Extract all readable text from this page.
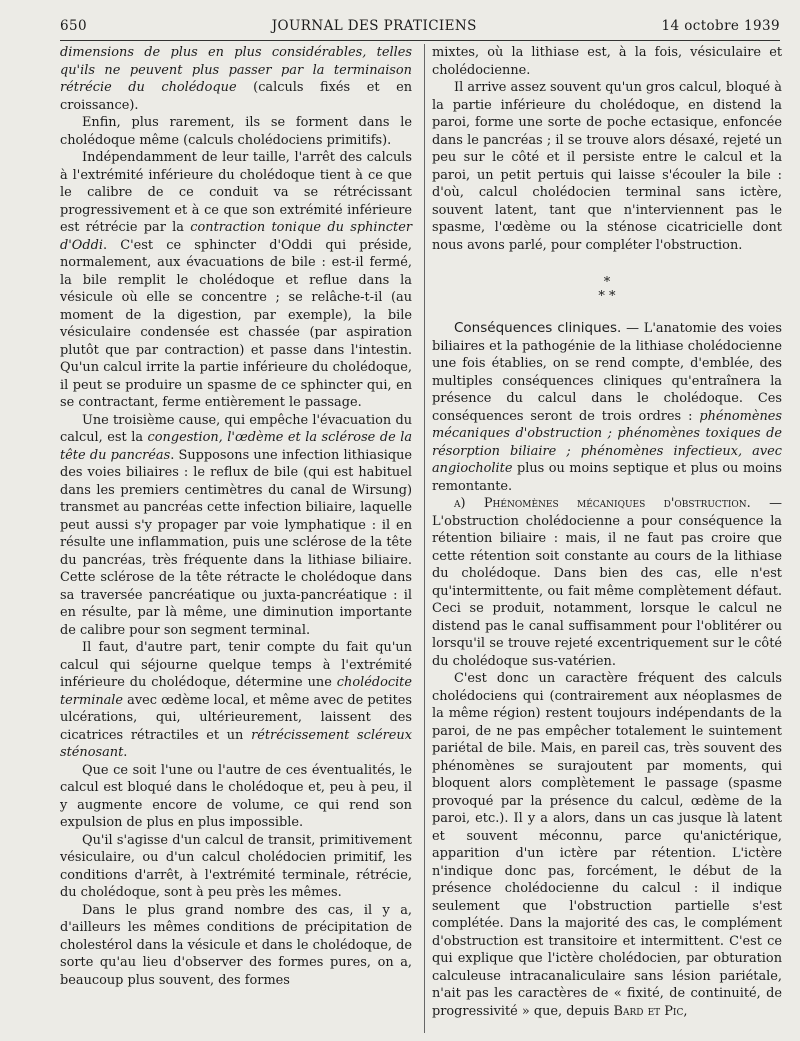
650	JOURNAL DES PRATICIENS	14 octobre 1939

dimensions de plus en plus considérables, telles qu'ils ne peuvent plus passer par la terminaison rétrécie du cholédoque (calculs fixés et en croissance).

Enfin, plus rarement, ils se forment dans le cholédoque même (calculs cholédociens primitifs).

Indépendamment de leur taille, l'arrêt des calculs à l'extrémité inférieure du cholédoque tient à ce que le calibre de ce conduit va se rétrécissant progressivement et à ce que son extrémité inférieure est rétrécie par la contraction tonique du sphincter d'Oddi. C'est ce sphincter d'Oddi qui préside, normalement, aux évacuations de bile : est-il fermé, la bile remplit le cholédoque et reflue dans la vésicule où elle se concentre ; se relâche-t-il (au moment de la digestion, par exemple), la bile vésiculaire condensée est chassée (par aspiration plutôt que par contraction) et passe dans l'intestin. Qu'un calcul irrite la partie inférieure du cholédoque, il peut se produire un spasme de ce sphincter qui, en se contractant, ferme entièrement le passage.

Une troisième cause, qui empêche l'évacuation du calcul, est la congestion, l'œdème et la sclérose de la tête du pancréas. Supposons une infection lithiasique des voies biliaires : le reflux de bile (qui est habituel dans les premiers centimètres du canal de Wirsung) transmet au pancréas cette infection biliaire, laquelle peut aussi s'y propager par voie lymphatique : il en résulte une inflammation, puis une sclérose de la tête du pancréas, très fréquente dans la lithiase biliaire. Cette sclérose de la tête rétracte le cholédoque dans sa traversée pancréatique ou juxta-pancréatique : il en résulte, par là même, une diminution importante de calibre pour son segment terminal.

Il faut, d'autre part, tenir compte du fait qu'un calcul qui séjourne quelque temps à l'extrémité inférieure du cholédoque, détermine une cholédocite terminale avec œdème local, et même avec de petites ulcérations, qui, ultérieurement, laissent des cicatrices rétractiles et un rétrécissement scléreux sténosant.

Que ce soit l'une ou l'autre de ces éventualités, le calcul est bloqué dans le cholédoque et, peu à peu, il y augmente encore de volume, ce qui rend son expulsion de plus en plus impossible.

Qu'il s'agisse d'un calcul de transit, primitivement vésiculaire, ou d'un calcul cholédocien primitif, les conditions d'arrêt, à l'extrémité terminale, rétrécie, du cholédoque, sont à peu près les mêmes.

Dans le plus grand nombre des cas, il y a, d'ailleurs les mêmes conditions de précipitation de cholestérol dans la vésicule et dans le cholédoque, de sorte qu'au lieu d'observer des formes pures, on a, beaucoup plus souvent, des formes

mixtes, où la lithiase est, à la fois, vésiculaire et cholédocienne.

Il arrive assez souvent qu'un gros calcul, bloqué à la partie inférieure du cholédoque, en distend la paroi, forme une sorte de poche ectasique, enfoncée dans le pancréas ; il se trouve alors désaxé, rejeté un peu sur le côté et il persiste entre le calcul et la paroi, un petit pertuis qui laisse s'écouler la bile : d'où, calcul cholédocien terminal sans ictère, souvent latent, tant que n'interviennent pas le spasme, l'œdème ou la sténose cicatricielle dont nous avons parlé, pour compléter l'obstruction.

*
* *

Conséquences cliniques. — L'anatomie des voies biliaires et la pathogénie de la lithiase cholédocienne une fois établies, on se rend compte, d'emblée, des multiples conséquences cliniques qu'entraînera la présence du calcul dans le cholédoque. Ces conséquences seront de trois ordres : phénomènes mécaniques d'obstruction ; phénomènes toxiques de résorption biliaire ; phénomènes infectieux, avec angiocholite plus ou moins septique et plus ou moins remontante.

a) Phénomènes mécaniques d'obstruction. — L'obstruction cholédocienne a pour conséquence la rétention biliaire : mais, il ne faut pas croire que cette rétention soit constante au cours de la lithiase du cholédoque. Dans bien des cas, elle n'est qu'intermittente, ou fait même complètement défaut. Ceci se produit, notamment, lorsque le calcul ne distend pas le canal suffisamment pour l'oblitérer ou lorsqu'il se trouve rejeté excentriquement sur le côté du cholédoque sus-vatérien.

C'est donc un caractère fréquent des calculs cholédociens qui (contrairement aux néoplasmes de la même région) restent toujours indépendants de la paroi, de ne pas empêcher totalement le suintement pariétal de bile. Mais, en pareil cas, très souvent des phénomènes se surajoutent par moments, qui bloquent alors complètement le passage (spasme provoqué par la présence du calcul, œdème de la paroi, etc.). Il y a alors, dans un cas jusque là latent et souvent méconnu, parce qu'anictérique, apparition d'un ictère par rétention. L'ictère n'indique donc pas, forcément, le début de la présence cholédocienne du calcul : il indique seulement que l'obstruction partielle s'est complétée. Dans la majorité des cas, le complément d'obstruction est transitoire et intermittent. C'est ce qui explique que l'ictère cholédocien, par obturation calculeuse intracanaliculaire sans lésion pariétale, n'ait pas les caractères de « fixité, de continuité, de progressivité » que, depuis Bard et Pic,
